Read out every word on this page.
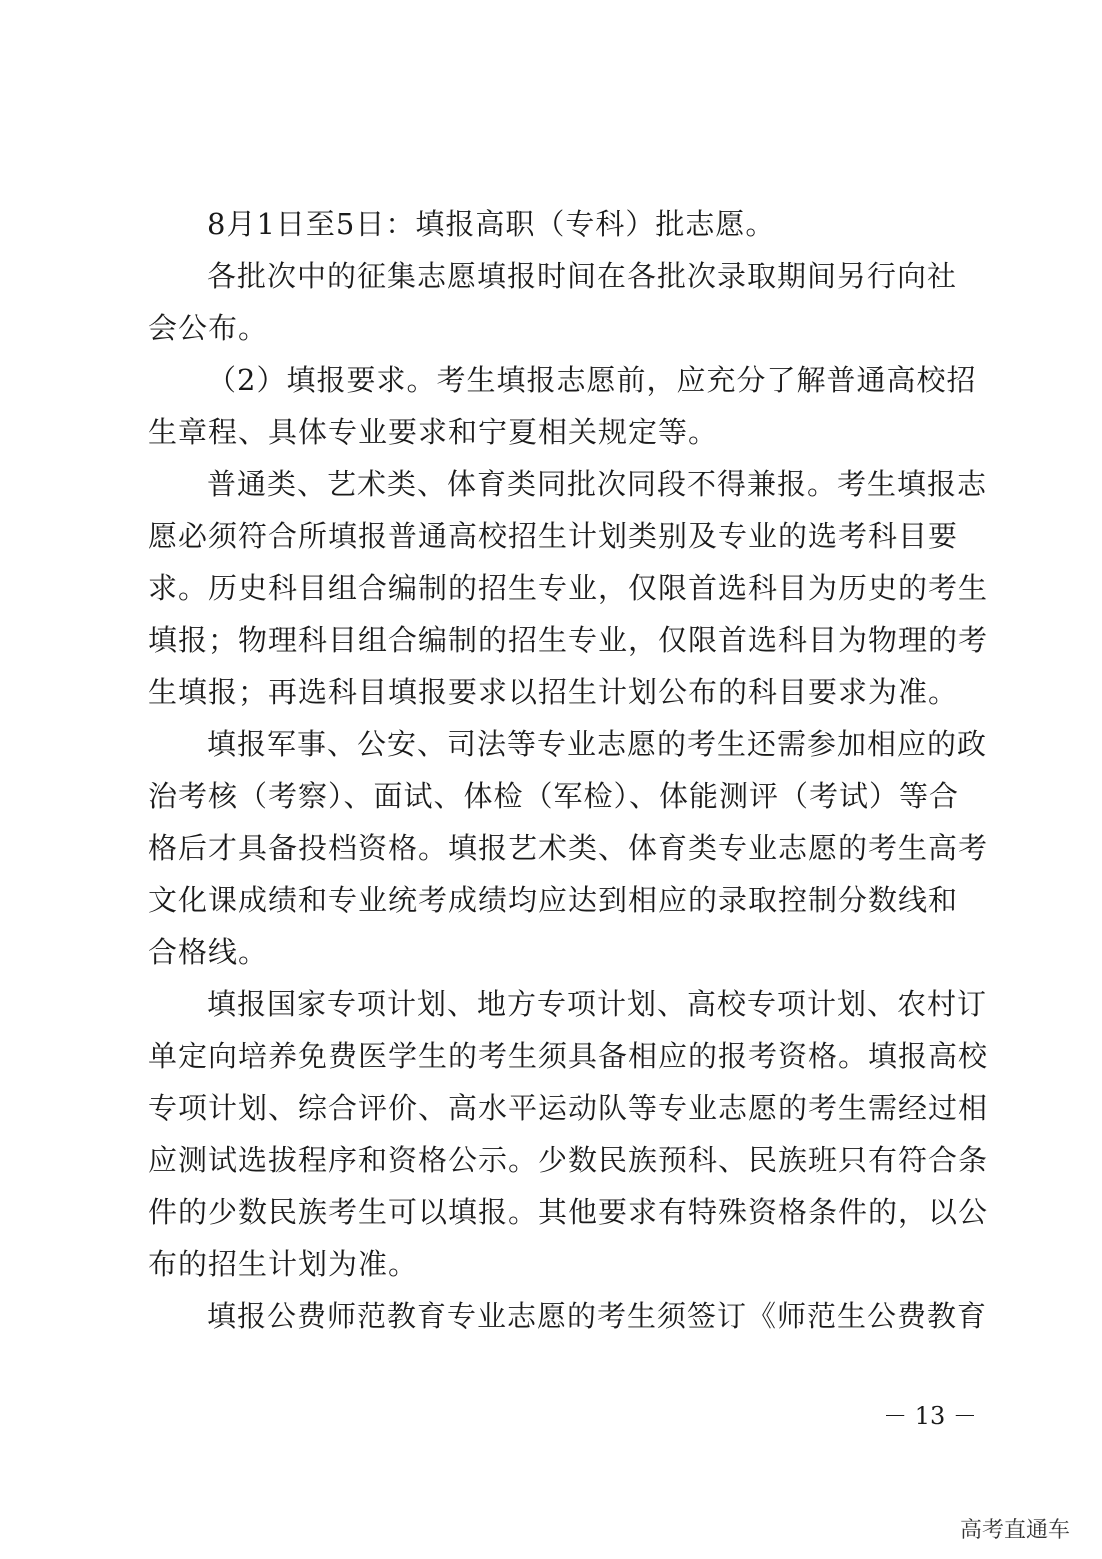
8月1日至5日：填报高职（专科）批志愿。
各批次中的征集志愿填报时间在各批次录取期间另行向社
会公布。
（2）填报要求。考生填报志愿前，应充分了解普通高校招
生章程、具体专业要求和宁夏相关规定等。
普通类、艺术类、体育类同批次同段不得兼报。考生填报志
愿必须符合所填报普通高校招生计划类别及专业的选考科目要
求。历史科目组合编制的招生专业，仅限首选科目为历史的考生
填报；物理科目组合编制的招生专业，仅限首选科目为物理的考
生填报；再选科目填报要求以招生计划公布的科目要求为准。
填报军事、公安、司法等专业志愿的考生还需参加相应的政
治考核（考察）、面试、体检（军检）、体能测评（考试）等合
格后才具备投档资格。填报艺术类、体育类专业志愿的考生高考
文化课成绩和专业统考成绩均应达到相应的录取控制分数线和
合格线。
填报国家专项计划、地方专项计划、高校专项计划、农村订
单定向培养免费医学生的考生须具备相应的报考资格。填报高校
专项计划、综合评价、高水平运动队等专业志愿的考生需经过相
应测试选拔程序和资格公示。少数民族预科、民族班只有符合条
件的少数民族考生可以填报。其他要求有特殊资格条件的，以公
布的招生计划为准。
填报公费师范教育专业志愿的考生须签订《师范生公费教育
－ 13 －
高考直通车
